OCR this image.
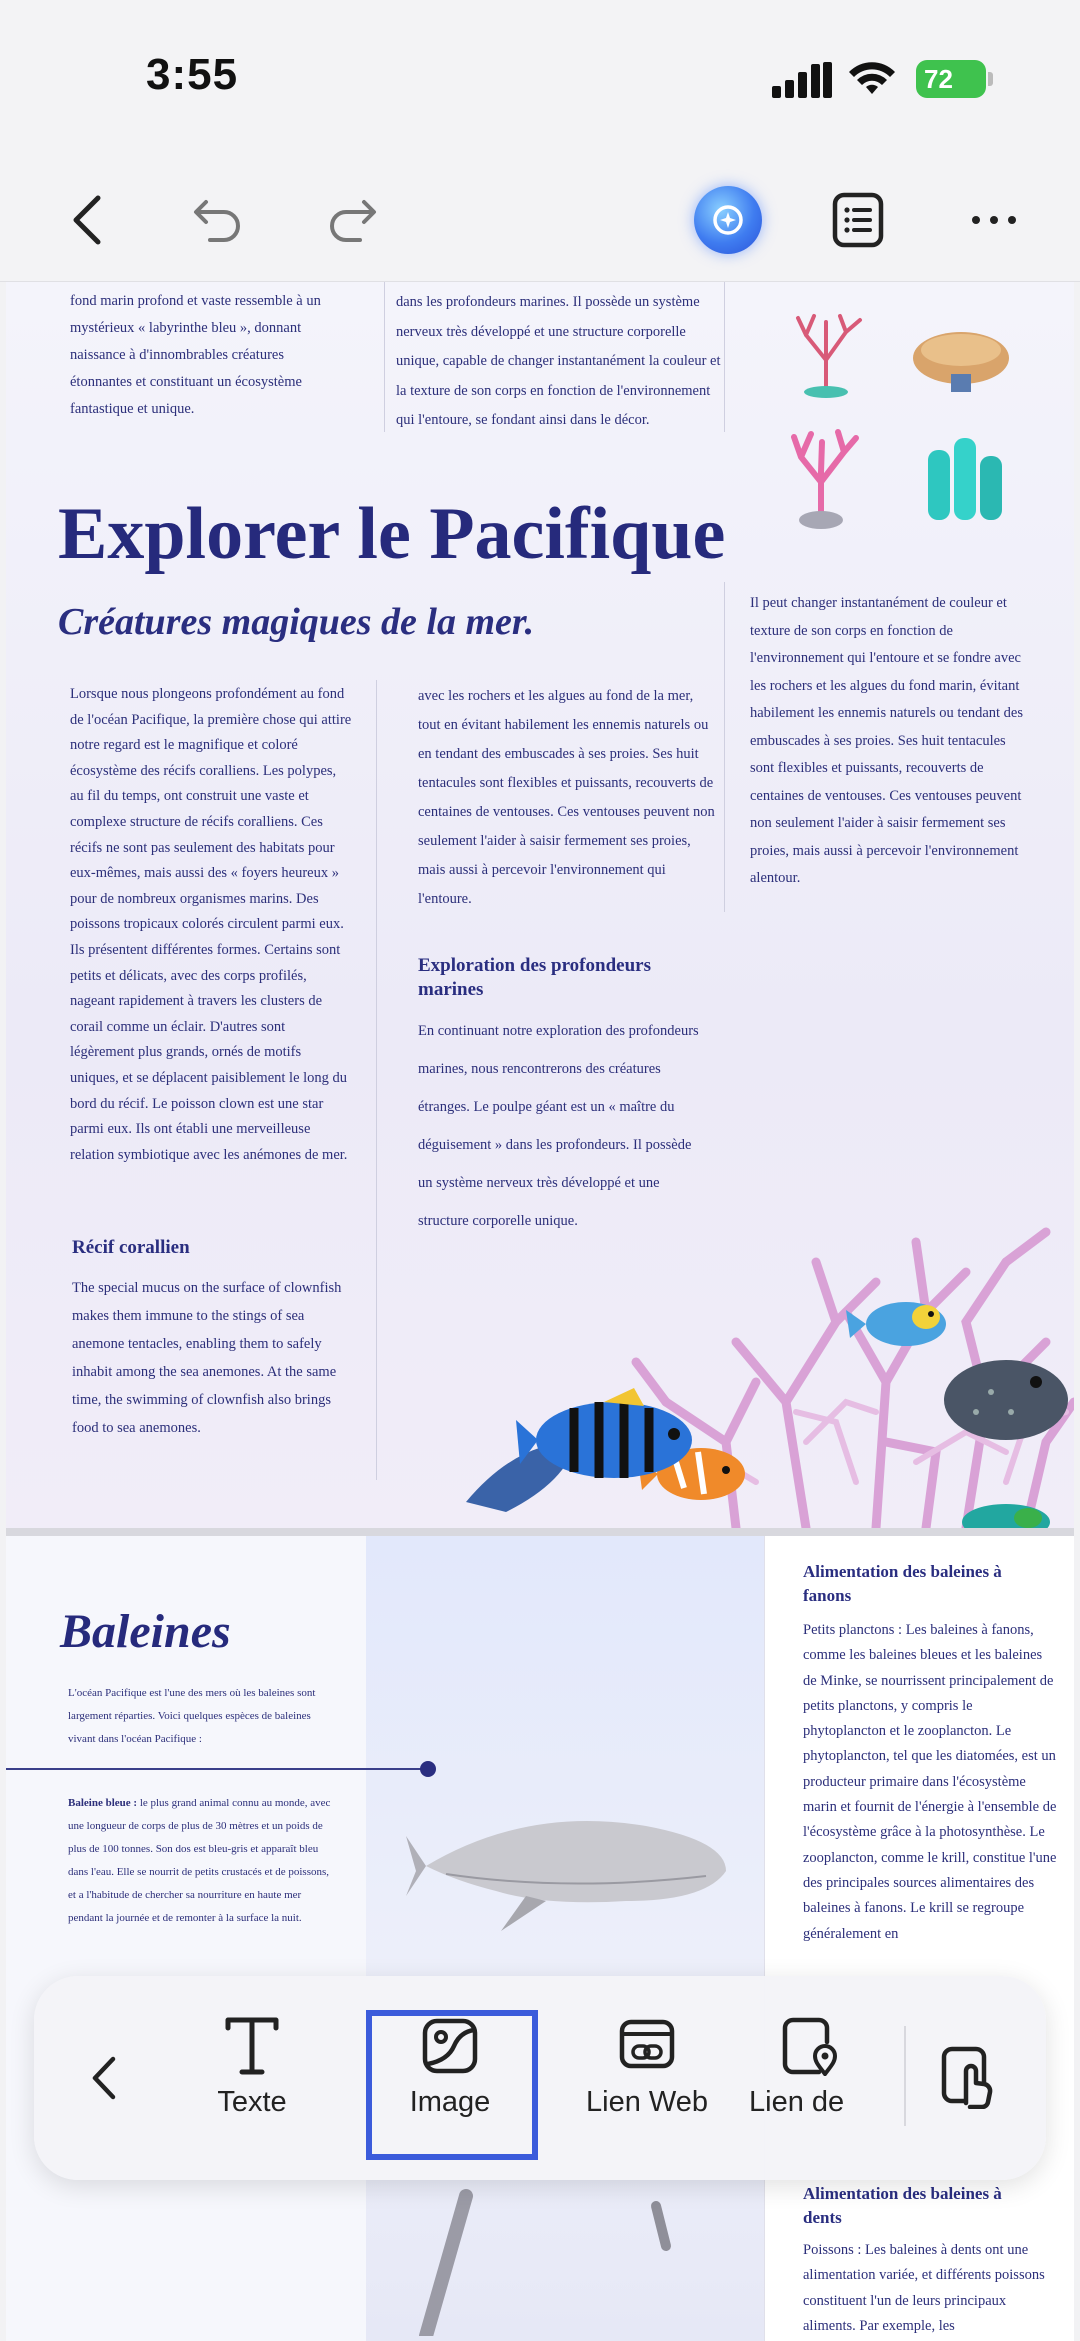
3:55	72
fond marin profond et vaste ressemble à un mystérieux « labyrinthe bleu », donnant naissance à d'innombrables créatures étonnantes et constituant un écosystème fantastique et unique.
dans les profondeurs marines. Il possède un système nerveux très développé et une structure corporelle unique, capable de changer instantanément la couleur et la texture de son corps en fonction de l'environnement qui l'entoure, se fondant ainsi dans le décor.
Explorer le Pacifique
Créatures magiques de la mer.	Il peut changer instantanément de couleur et texture de son corps en fonction de l'environnement qui l'entoure et se fondre avec les rochers et les algues du fond marin, évitant habilement les ennemis naturels ou tendant des embuscades à ses proies. Ses huit tentacules sont flexibles et puissants, recouverts de centaines de ventouses. Ces ventouses peuvent non seulement l'aider à saisir fermement ses proies, mais aussi à percevoir l'environnement alentour.
Lorsque nous plongeons profondément au fond de l'océan Pacifique, la première chose qui attire notre regard est le magnifique et coloré écosystème des récifs coralliens. Les polypes, au fil du temps, ont construit une vaste et complexe structure de récifs coralliens. Ces récifs ne sont pas seulement des habitats pour eux-mêmes, mais aussi des « foyers heureux » pour de nombreux organismes marins. Des poissons tropicaux colorés circulent parmi eux. Ils présentent différentes formes. Certains sont petits et délicats, avec des corps profilés, nageant rapidement à travers les clusters de corail comme un éclair. D'autres sont légèrement plus grands, ornés de motifs uniques, et se déplacent paisiblement le long du bord du récif. Le poisson clown est une star parmi eux. Ils ont établi une merveilleuse relation symbiotique avec les anémones de mer.
Récif corallien
The special mucus on the surface of clownfish makes them immune to the stings of sea anemone tentacles, enabling them to safely inhabit among the sea anemones. At the same time, the swimming of clownfish also brings food to sea anemones.
avec les rochers et les algues au fond de la mer, tout en évitant habilement les ennemis naturels ou en tendant des embuscades à ses proies. Ses huit tentacules sont flexibles et puissants, recouverts de centaines de ventouses. Ces ventouses peuvent non seulement l'aider à saisir fermement ses proies, mais aussi à percevoir l'environnement qui l'entoure.
Exploration des profondeurs marines
En continuant notre exploration des profondeurs marines, nous rencontrerons des créatures étranges. Le poulpe géant est un « maître du déguisement » dans les profondeurs. Il possède un système nerveux très développé et une structure corporelle unique.
Baleines
L'océan Pacifique est l'une des mers où les baleines sont largement réparties. Voici quelques espèces de baleines vivant dans l'océan Pacifique :
Baleine bleue : le plus grand animal connu au monde, avec une longueur de corps de plus de 30 mètres et un poids de plus de 100 tonnes. Son dos est bleu-gris et apparaît bleu dans l'eau. Elle se nourrit de petits crustacés et de poissons, et a l'habitude de chercher sa nourriture en haute mer pendant la journée et de remonter à la surface la nuit.
Alimentation des baleines à fanons
Petits planctons : Les baleines à fanons, comme les baleines bleues et les baleines de Minke, se nourrissent principalement de petits planctons, y compris le phytoplancton et le zooplancton. Le phytoplancton, tel que les diatomées, est un producteur primaire dans l'écosystème marin et fournit de l'énergie à l'ensemble de l'écosystème grâce à la photosynthèse. Le zooplancton, comme le krill, constitue l'une des principales sources alimentaires des baleines à fanons. Le krill se regroupe généralement en
Alimentation des baleines à dents
Poissons : Les baleines à dents ont une alimentation variée, et différents poissons constituent l'un de leurs principaux aliments. Par exemple, les
Texte	Image	Lien Web	Lien de
